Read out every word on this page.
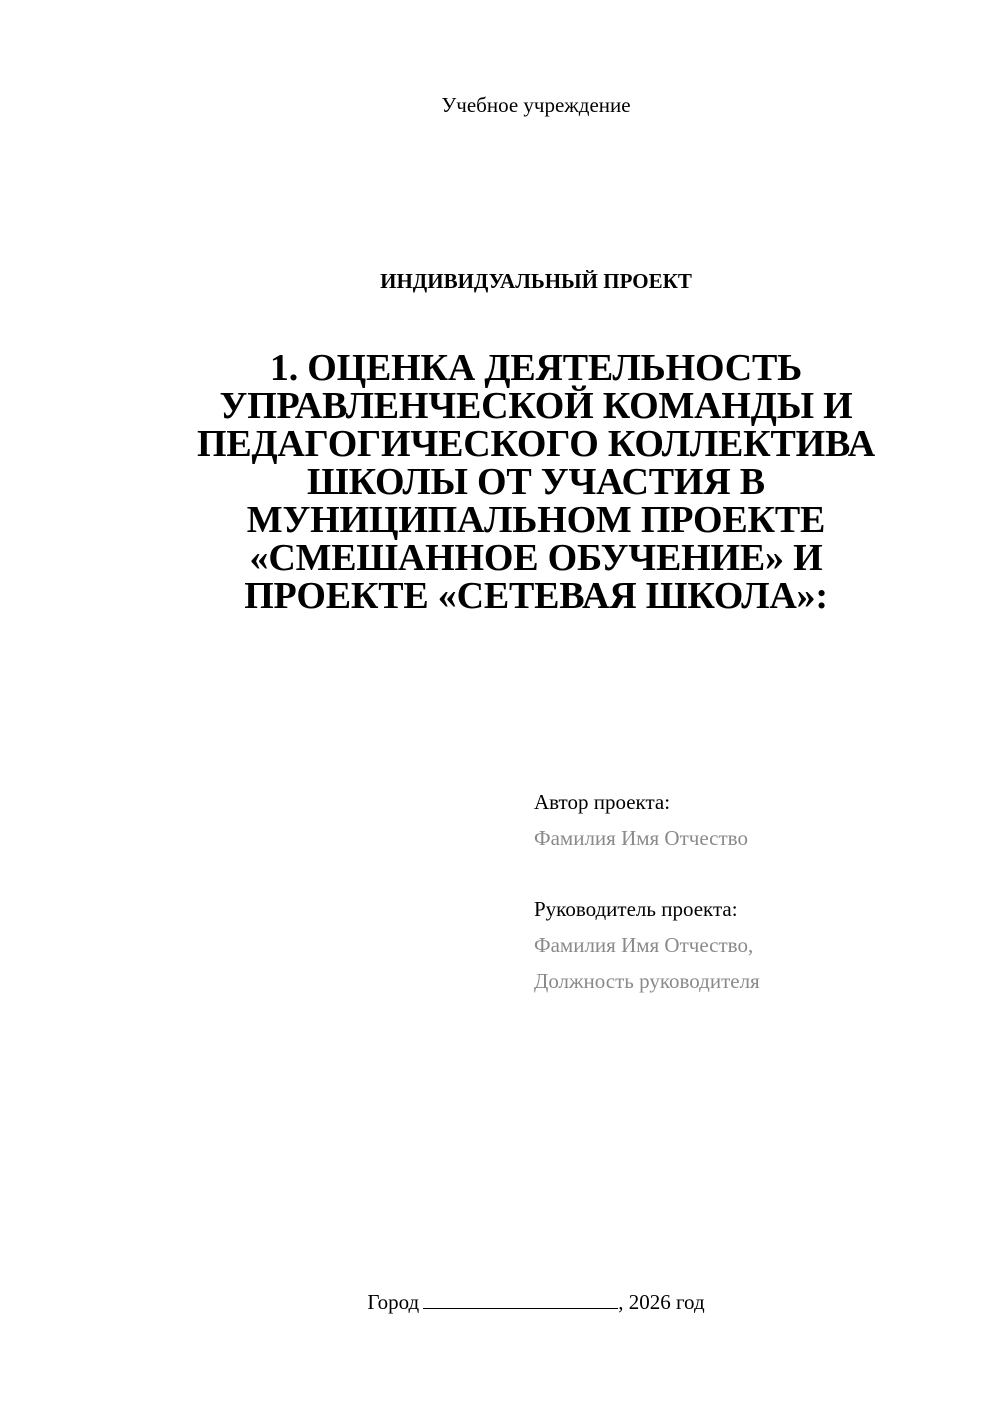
Учебное учреждение
ИНДИВИДУАЛЬНЫЙ ПРОЕКТ
1. ОЦЕНКА ДЕЯТЕЛЬНОСТЬ
УПРАВЛЕНЧЕСКОЙ КОМАНДЫ И
ПЕДАГОГИЧЕСКОГО КОЛЛЕКТИВА
ШКОЛЫ ОТ УЧАСТИЯ В
МУНИЦИПАЛЬНОМ ПРОЕКТЕ
«СМЕШАННОЕ ОБУЧЕНИЕ» И
ПРОЕКТЕ «СЕТЕВАЯ ШКОЛА»:
Автор проекта:
Фамилия Имя Отчество
Руководитель проекта:
Фамилия Имя Отчество,
Должность руководителя
Город	, 2026 год
